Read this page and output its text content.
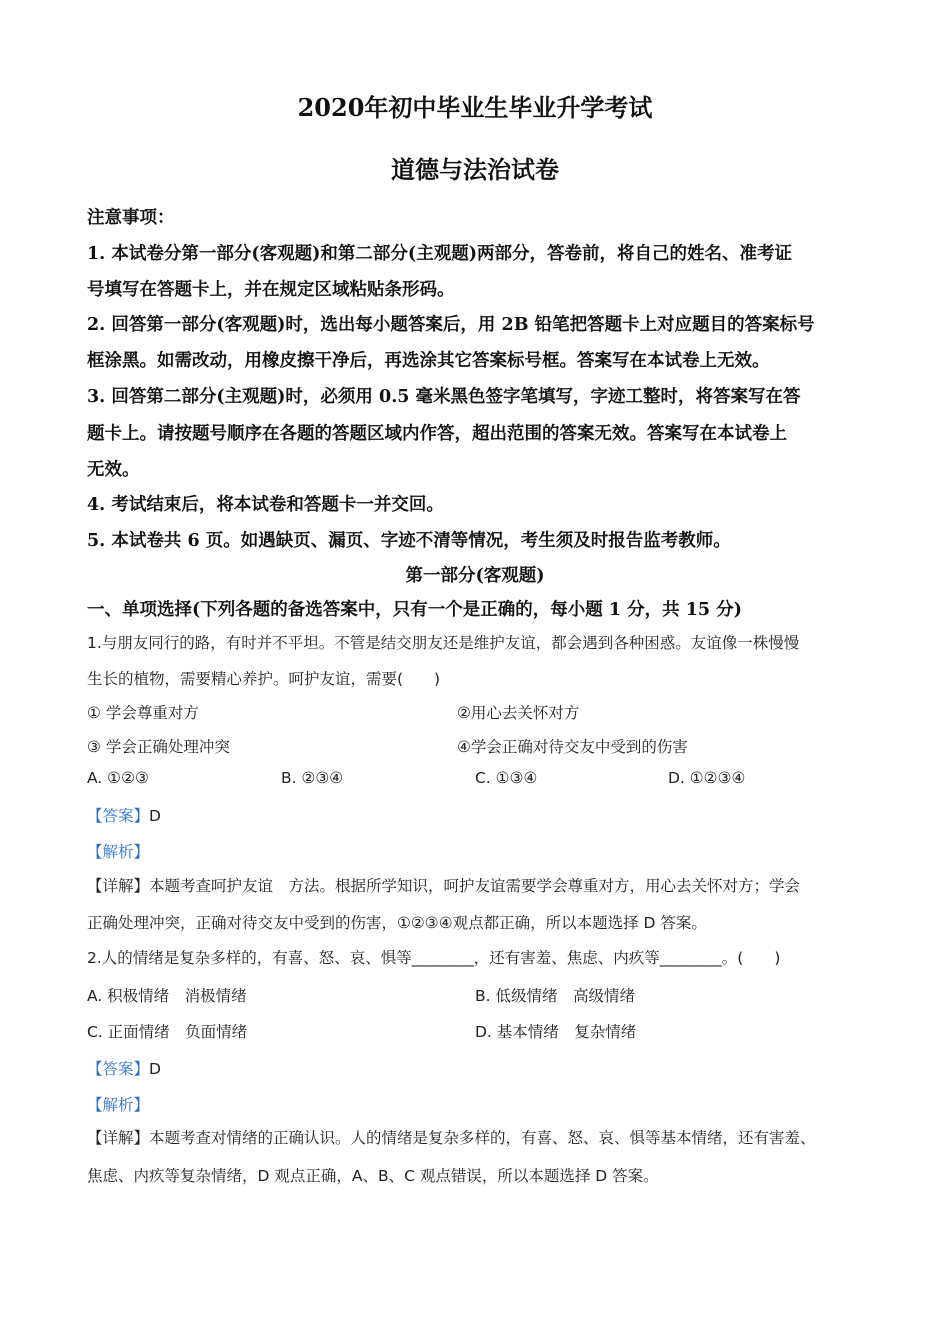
2020年初中毕业生毕业升学考试
道德与法治试卷
注意事项：
1. 本试卷分第一部分(客观题)和第二部分(主观题)两部分，答卷前，将自己的姓名、准考证
号填写在答题卡上，并在规定区域粘贴条形码。
2. 回答第一部分(客观题)时，选出每小题答案后，用 2B 铅笔把答题卡上对应题目的答案标号
框涂黑。如需改动，用橡皮擦干净后，再选涂其它答案标号框。答案写在本试卷上无效。
3. 回答第二部分(主观题)时，必须用 0.5 毫米黑色签字笔填写，字迹工整时，将答案写在答
题卡上。请按题号顺序在各题的答题区域内作答，超出范围的答案无效。答案写在本试卷上
无效。
4. 考试结束后，将本试卷和答题卡一并交回。
5. 本试卷共 6 页。如遇缺页、漏页、字迹不清等情况，考生须及时报告监考教师。
第一部分(客观题)
一、单项选择(下列各题的备选答案中，只有一个是正确的，每小题 1 分，共 15 分)
1.与朋友同行的路，有时并不平坦。不管是结交朋友还是维护友谊，都会遇到各种困惑。友谊像一株慢慢
生长的植物，需要精心养护。呵护友谊，需要(　　)
① 学会尊重对方	②用心去关怀对方
③ 学会正确处理冲突	④学会正确对待交友中受到的伤害
A. ①②③	B. ②③④	C. ①③④	D. ①②③④
【答案】D
【解析】
【详解】本题考查呵护友谊　方法。根据所学知识，呵护友谊需要学会尊重对方，用心去关怀对方；学会
正确处理冲突，正确对待交友中受到的伤害，①②③④观点都正确，所以本题选择 D 答案。
2.人的情绪是复杂多样的，有喜、怒、哀、惧等________，还有害羞、焦虑、内疚等________。(　　)
A. 积极情绪　消极情绪	B. 低级情绪　高级情绪
C. 正面情绪　负面情绪	D. 基本情绪　复杂情绪
【答案】D
【解析】
【详解】本题考查对情绪的正确认识。人的情绪是复杂多样的，有喜、怒、哀、惧等基本情绪，还有害羞、
焦虑、内疚等复杂情绪，D 观点正确，A、B、C 观点错误，所以本题选择 D 答案。
